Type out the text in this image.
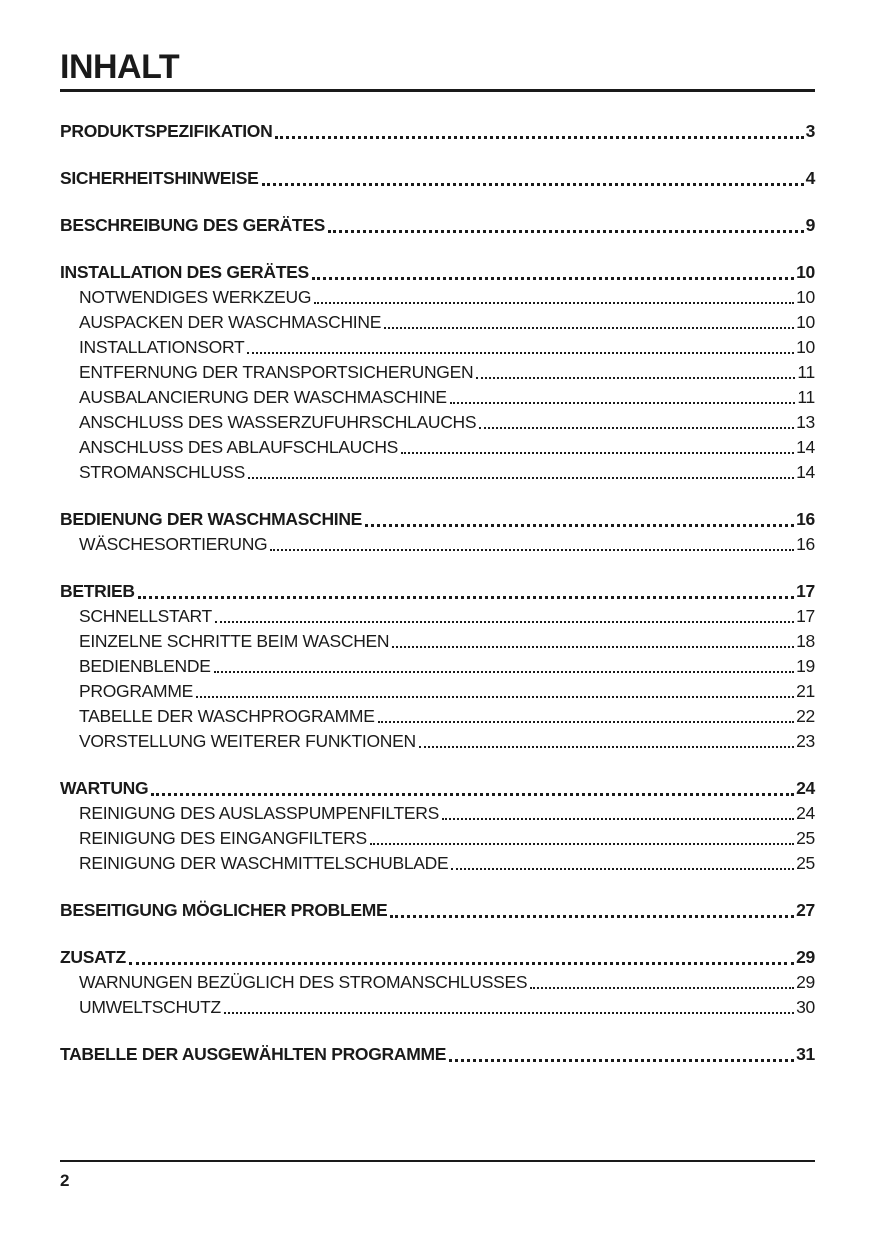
INHALT
PRODUKTSPEZIFIKATION	3
SICHERHEITSHINWEISE	4
BESCHREIBUNG DES GERÄTES	9
INSTALLATION DES GERÄTES	10
NOTWENDIGES WERKZEUG	10
AUSPACKEN DER WASCHMASCHINE	10
INSTALLATIONSORT	10
ENTFERNUNG DER TRANSPORTSICHERUNGEN	11
AUSBALANCIERUNG DER WASCHMASCHINE	11
ANSCHLUSS DES WASSERZUFUHRSCHLAUCHS	13
ANSCHLUSS DES ABLAUFSCHLAUCHS	14
STROMANSCHLUSS	14
BEDIENUNG DER WASCHMASCHINE	16
WÄSCHESORTIERUNG	16
BETRIEB	17
SCHNELLSTART	17
EINZELNE SCHRITTE BEIM WASCHEN	18
BEDIENBLENDE	19
PROGRAMME	21
TABELLE DER WASCHPROGRAMME	22
VORSTELLUNG WEITERER FUNKTIONEN	23
WARTUNG	24
REINIGUNG DES AUSLASSPUMPENFILTERS	24
REINIGUNG DES EINGANGFILTERS	25
REINIGUNG DER WASCHMITTELSCHUBLADE	25
BESEITIGUNG MÖGLICHER PROBLEME	27
ZUSATZ	29
WARNUNGEN BEZÜGLICH DES STROMANSCHLUSSES	29
UMWELTSCHUTZ	30
TABELLE DER AUSGEWÄHLTEN PROGRAMME	31
2
